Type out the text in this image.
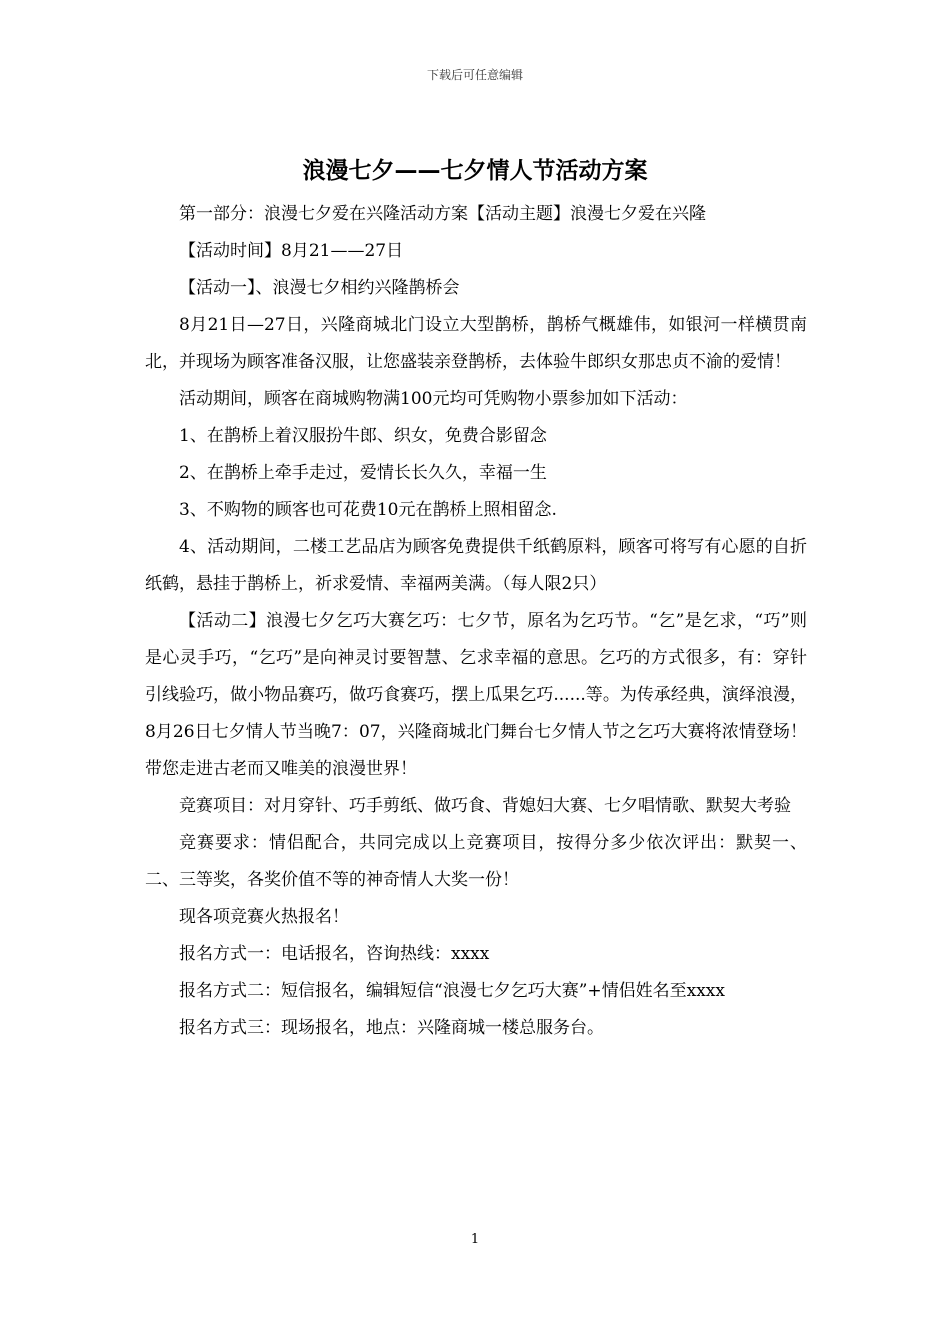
下载后可任意编辑
浪漫七夕——七夕情人节活动方案

第一部分：浪漫七夕爱在兴隆活动方案【活动主题】浪漫七夕爱在兴隆

【活动时间】8月21——27日

【活动一】、浪漫七夕相约兴隆鹊桥会

8月21日—27日，兴隆商城北门设立大型鹊桥，鹊桥气概雄伟，如银河一样横贯南北，并现场为顾客准备汉服，让您盛装亲登鹊桥，去体验牛郎织女那忠贞不渝的爱情！

活动期间，顾客在商城购物满100元均可凭购物小票参加如下活动：

1、在鹊桥上着汉服扮牛郎、织女，免费合影留念

2、在鹊桥上牵手走过，爱情长长久久，幸福一生

3、不购物的顾客也可花费10元在鹊桥上照相留念.

4、活动期间，二楼工艺品店为顾客免费提供千纸鹤原料，顾客可将写有心愿的自折纸鹤，悬挂于鹊桥上，祈求爱情、幸福两美满。（每人限2只）

【活动二】浪漫七夕乞巧大赛乞巧：七夕节，原名为乞巧节。“乞”是乞求，“巧”则是心灵手巧，“乞巧”是向神灵讨要智慧、乞求幸福的意思。乞巧的方式很多，有：穿针引线验巧，做小物品赛巧，做巧食赛巧，摆上瓜果乞巧......等。为传承经典，演绎浪漫，8月26日七夕情人节当晚7：07，兴隆商城北门舞台七夕情人节之乞巧大赛将浓情登场！带您走进古老而又唯美的浪漫世界！

竞赛项目：对月穿针、巧手剪纸、做巧食、背媳妇大赛、七夕唱情歌、默契大考验

竞赛要求：情侣配合，共同完成以上竞赛项目，按得分多少依次评出：默契一、二、三等奖，各奖价值不等的神奇情人大奖一份！

现各项竞赛火热报名！

报名方式一：电话报名，咨询热线：xxxx

报名方式二：短信报名，编辑短信“浪漫七夕乞巧大赛”+情侣姓名至xxxx

报名方式三：现场报名，地点：兴隆商城一楼总服务台。

1
